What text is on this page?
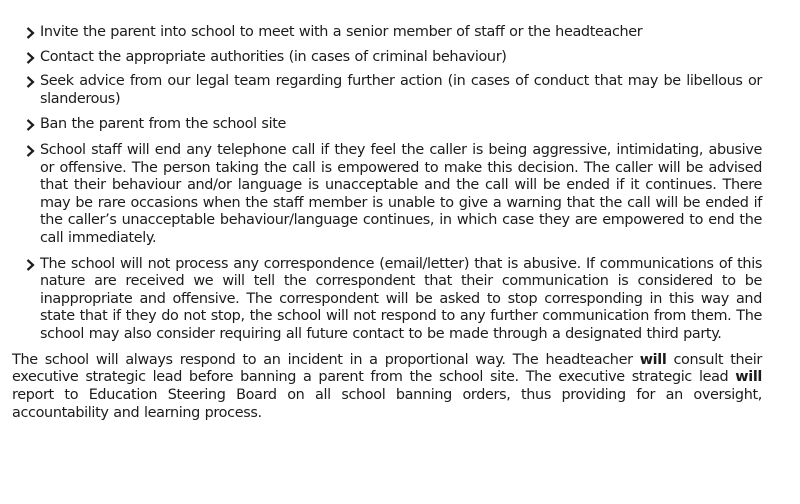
Invite the parent into school to meet with a senior member of staff or the headteacher
Contact the appropriate authorities (in cases of criminal behaviour)
Seek advice from our legal team regarding further action (in cases of conduct that may be libellous or slanderous)
Ban the parent from the school site
School staff will end any telephone call if they feel the caller is being aggressive, intimidating, abusive or offensive. The person taking the call is empowered to make this decision. The caller will be advised that their behaviour and/or language is unacceptable and the call will be ended if it continues. There may be rare occasions when the staff member is unable to give a warning that the call will be ended if the caller’s unacceptable behaviour/language continues, in which case they are empowered to end the call immediately.
The school will not process any correspondence (email/letter) that is abusive. If communications of this nature are received we will tell the correspondent that their communication is considered to be inappropriate and offensive. The correspondent will be asked to stop corresponding in this way and state that if they do not stop, the school will not respond to any further communication from them. The school may also consider requiring all future contact to be made through a designated third party.

The school will always respond to an incident in a proportional way. The headteacher will consult their executive strategic lead before banning a parent from the school site. The executive strategic lead will report to Education Steering Board on all school banning orders, thus providing for an oversight, accountability and learning process.
